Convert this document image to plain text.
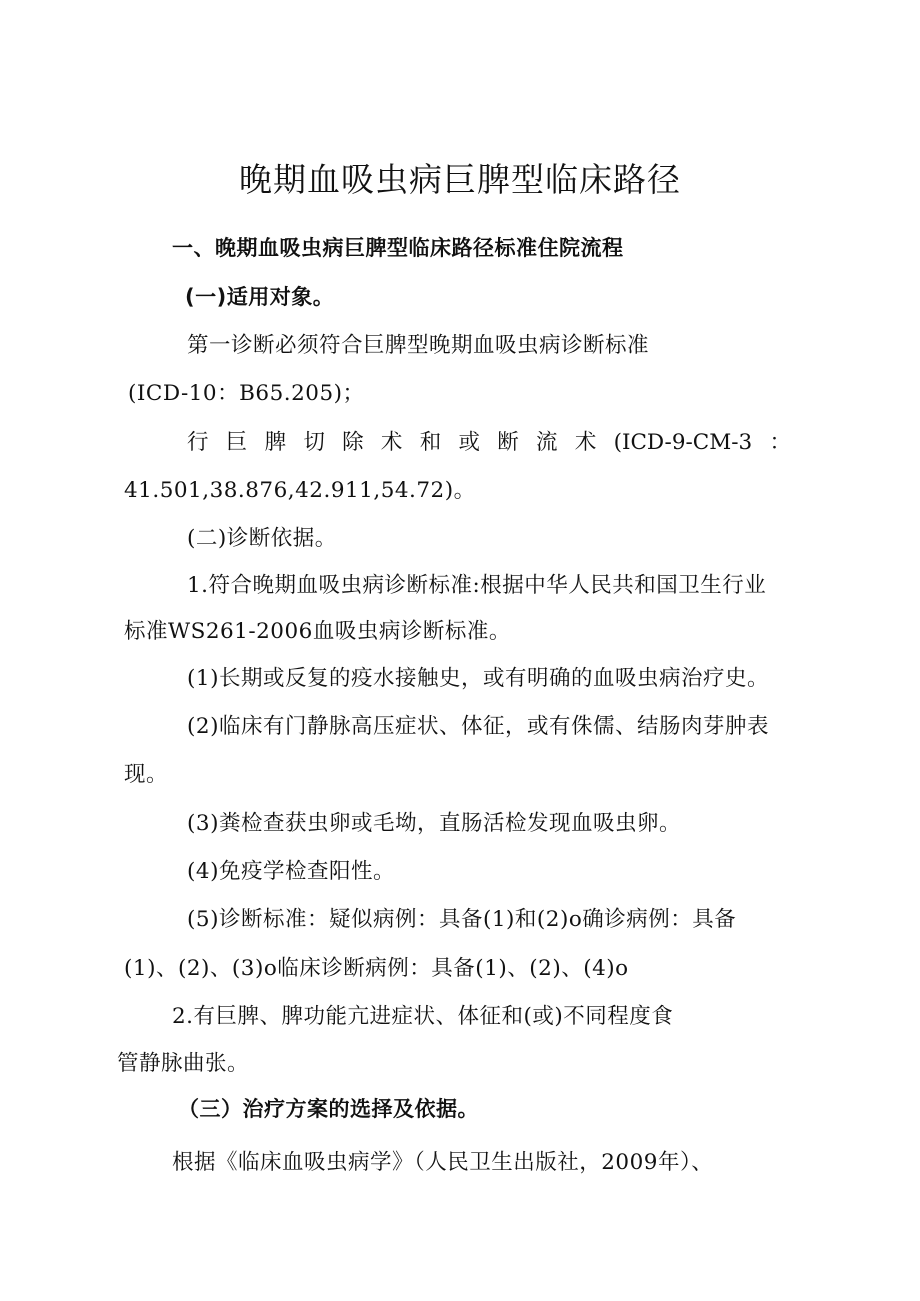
晚期血吸虫病巨脾型临床路径
一、晚期血吸虫病巨脾型临床路径标准住院流程
(一)适用对象。
第一诊断必须符合巨脾型晚期血吸虫病诊断标准
(ICD-10：B65.205)；
行 巨 脾 切 除 术 和 或 断 流 术 (ICD-9-CM-3 ：
41.501,38.876,42.911,54.72)。
(二)诊断依据。
1.符合晚期血吸虫病诊断标准:根据中华人民共和国卫生行业
标准WS261-2006血吸虫病诊断标准。
(1)长期或反复的疫水接触史，或有明确的血吸虫病治疗史。
(2)临床有门静脉高压症状、体征，或有侏儒、结肠肉芽肿表
现。
(3)粪检查获虫卵或毛坳，直肠活检发现血吸虫卵。
(4)免疫学检查阳性。
(5)诊断标准：疑似病例：具备(1)和(2)o确诊病例：具备
(1)、(2)、(3)o临床诊断病例：具备(1)、(2)、(4)o
2.有巨脾、脾功能亢进症状、体征和(或)不同程度食
管静脉曲张。
（三）治疗方案的选择及依据。
根据《临床血吸虫病学》（人民卫生出版社，2009年）、
